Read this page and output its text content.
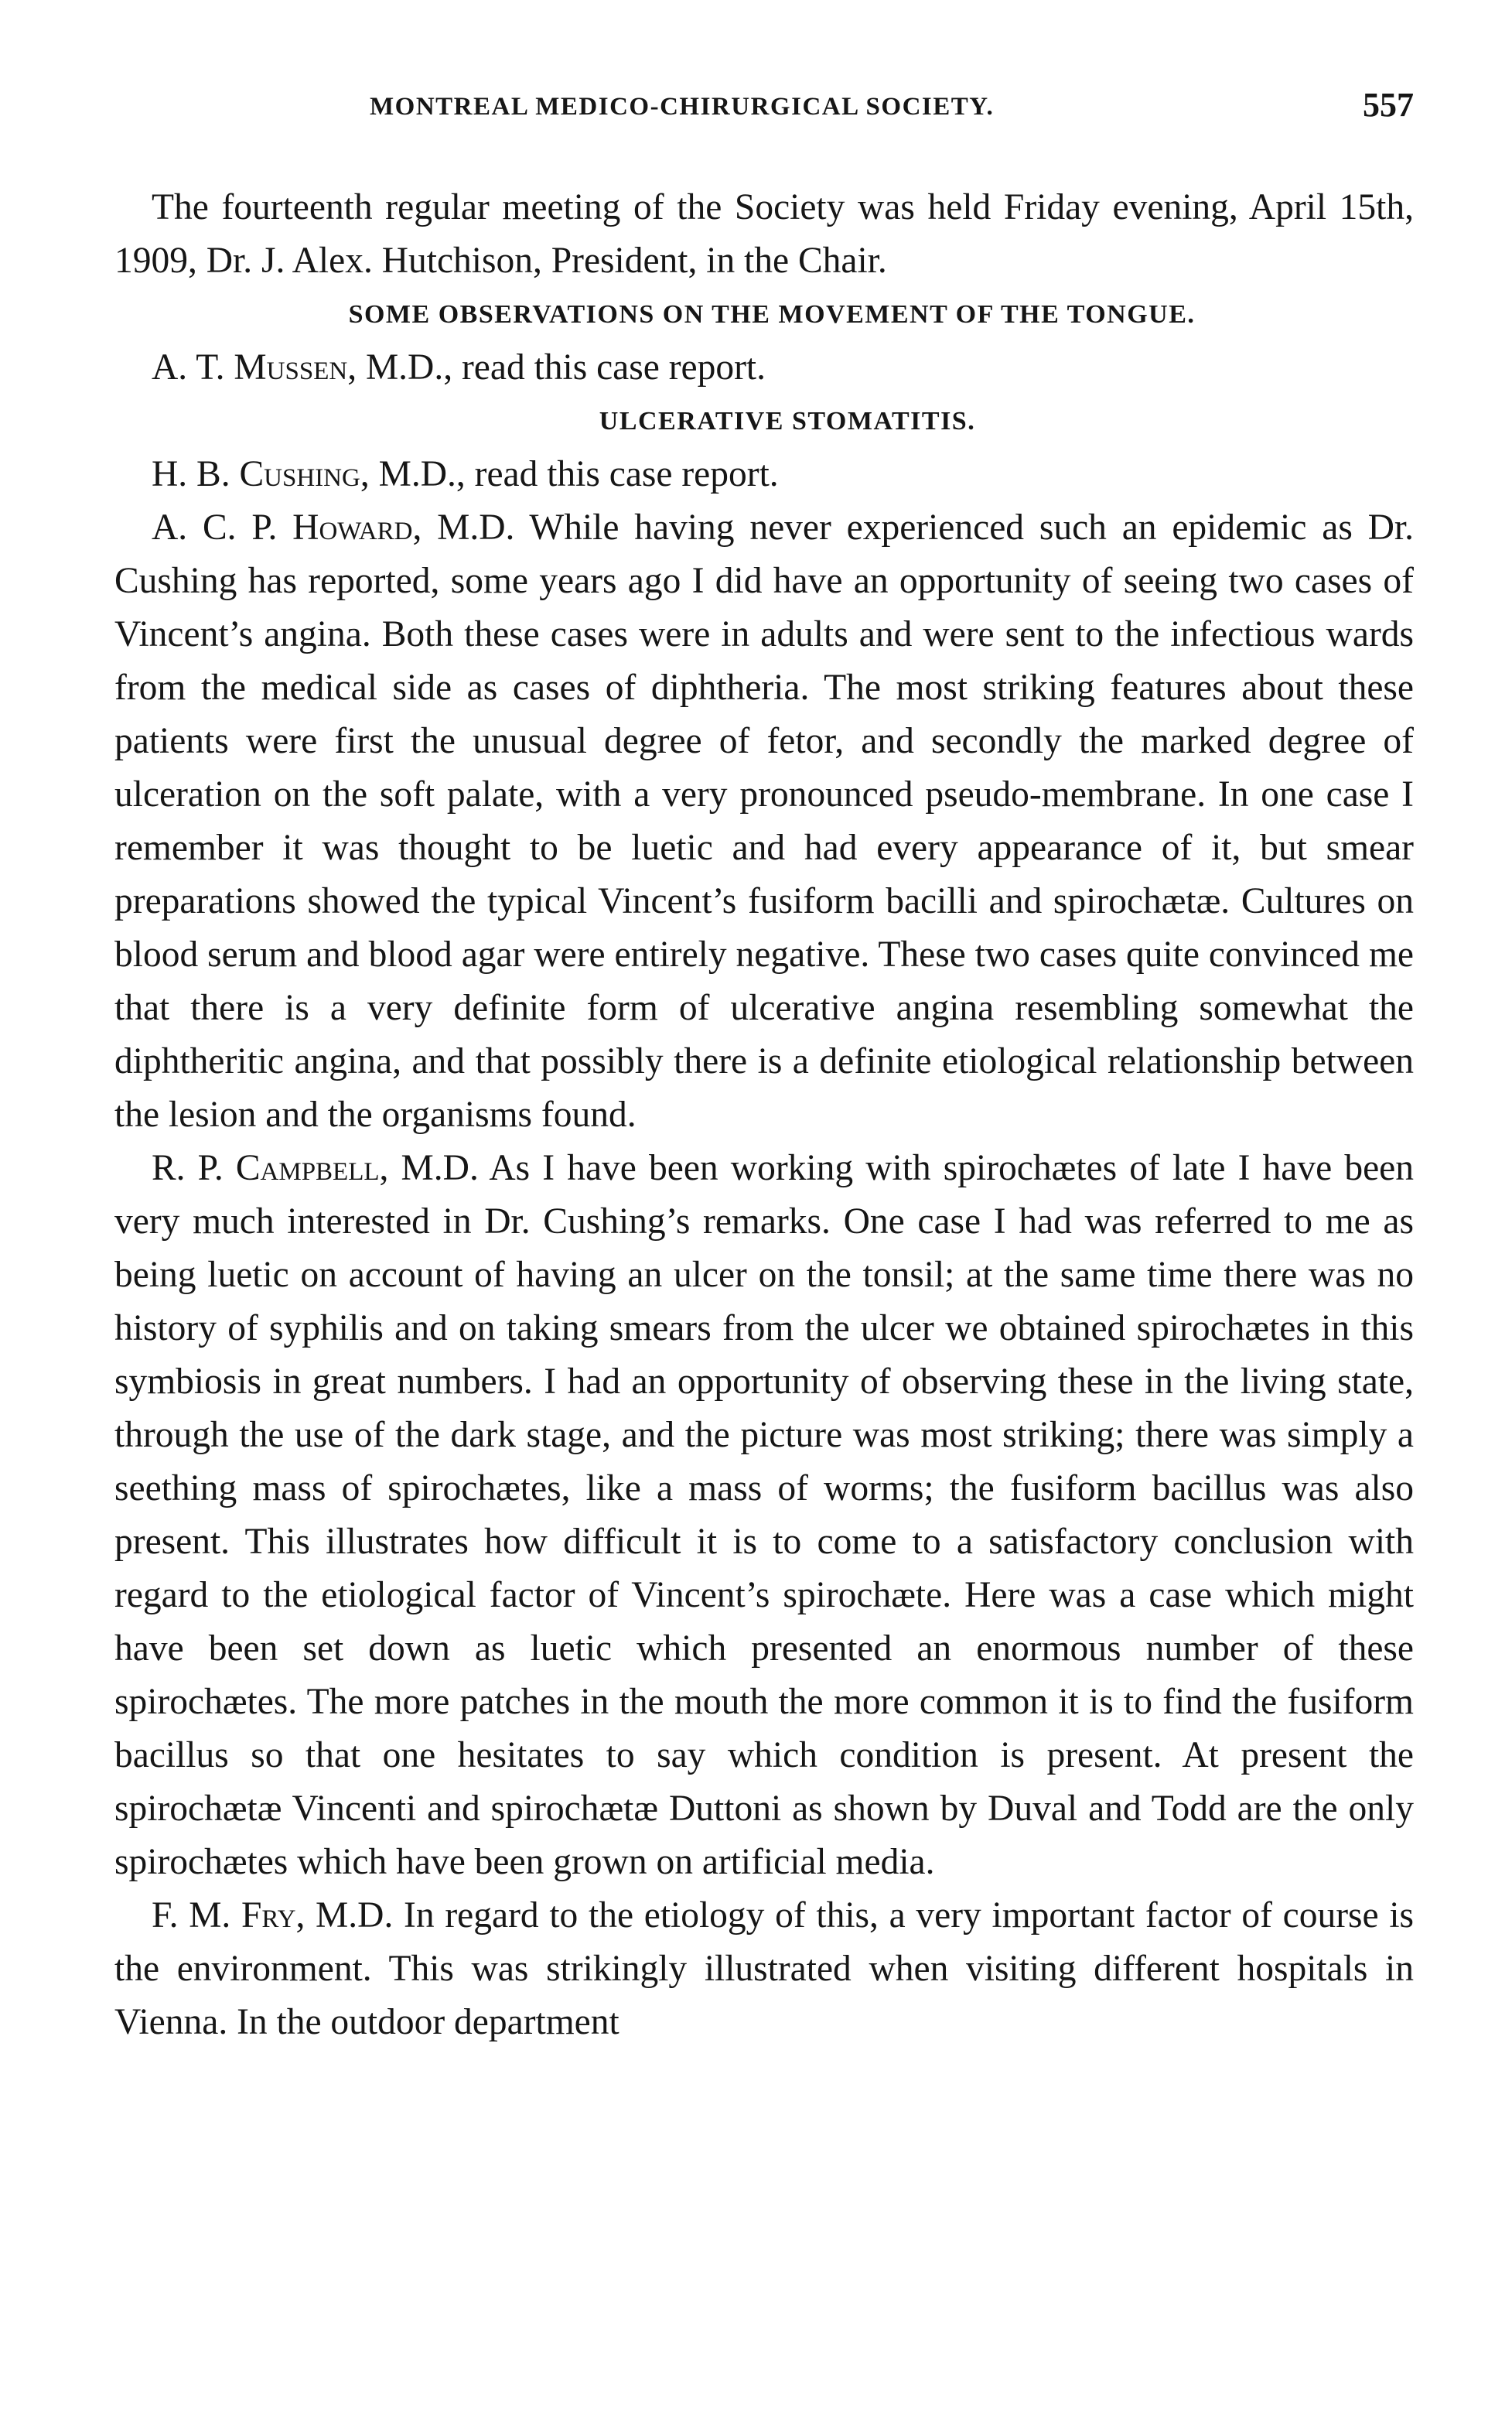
MONTREAL MEDICO-CHIRURGICAL SOCIETY.	557

The fourteenth regular meeting of the Society was held Friday evening, April 15th, 1909, Dr. J. Alex. Hutchison, President, in the Chair.

SOME OBSERVATIONS ON THE MOVEMENT OF THE TONGUE.

A. T. Mussen, M.D., read this case report.

ULCERATIVE STOMATITIS.

H. B. Cushing, M.D., read this case report.

A. C. P. Howard, M.D. While having never experienced such an epidemic as Dr. Cushing has reported, some years ago I did have an opportunity of seeing two cases of Vincent’s angina. Both these cases were in adults and were sent to the infectious wards from the medical side as cases of diphtheria. The most striking features about these patients were first the unusual degree of fetor, and secondly the marked degree of ulceration on the soft palate, with a very pronounced pseudo-membrane. In one case I remember it was thought to be luetic and had every appearance of it, but smear preparations showed the typical Vincent’s fusiform bacilli and spirochætæ. Cultures on blood serum and blood agar were entirely negative. These two cases quite convinced me that there is a very definite form of ulcerative angina resembling somewhat the diphtheritic angina, and that possibly there is a definite etiological relationship between the lesion and the organisms found.

R. P. Campbell, M.D. As I have been working with spirochætes of late I have been very much interested in Dr. Cushing’s remarks. One case I had was referred to me as being luetic on account of having an ulcer on the tonsil; at the same time there was no history of syphilis and on taking smears from the ulcer we obtained spirochætes in this symbiosis in great numbers. I had an opportunity of observing these in the living state, through the use of the dark stage, and the picture was most striking; there was simply a seething mass of spirochætes, like a mass of worms; the fusiform bacillus was also present. This illustrates how difficult it is to come to a satisfactory conclusion with regard to the etiological factor of Vincent’s spirochæte. Here was a case which might have been set down as luetic which presented an enormous number of these spirochætes. The more patches in the mouth the more common it is to find the fusiform bacillus so that one hesitates to say which condition is present. At present the spirochætæ Vincenti and spirochætæ Duttoni as shown by Duval and Todd are the only spirochætes which have been grown on artificial media.

F. M. Fry, M.D. In regard to the etiology of this, a very important factor of course is the environment. This was strikingly illustrated when visiting different hospitals in Vienna. In the outdoor department
